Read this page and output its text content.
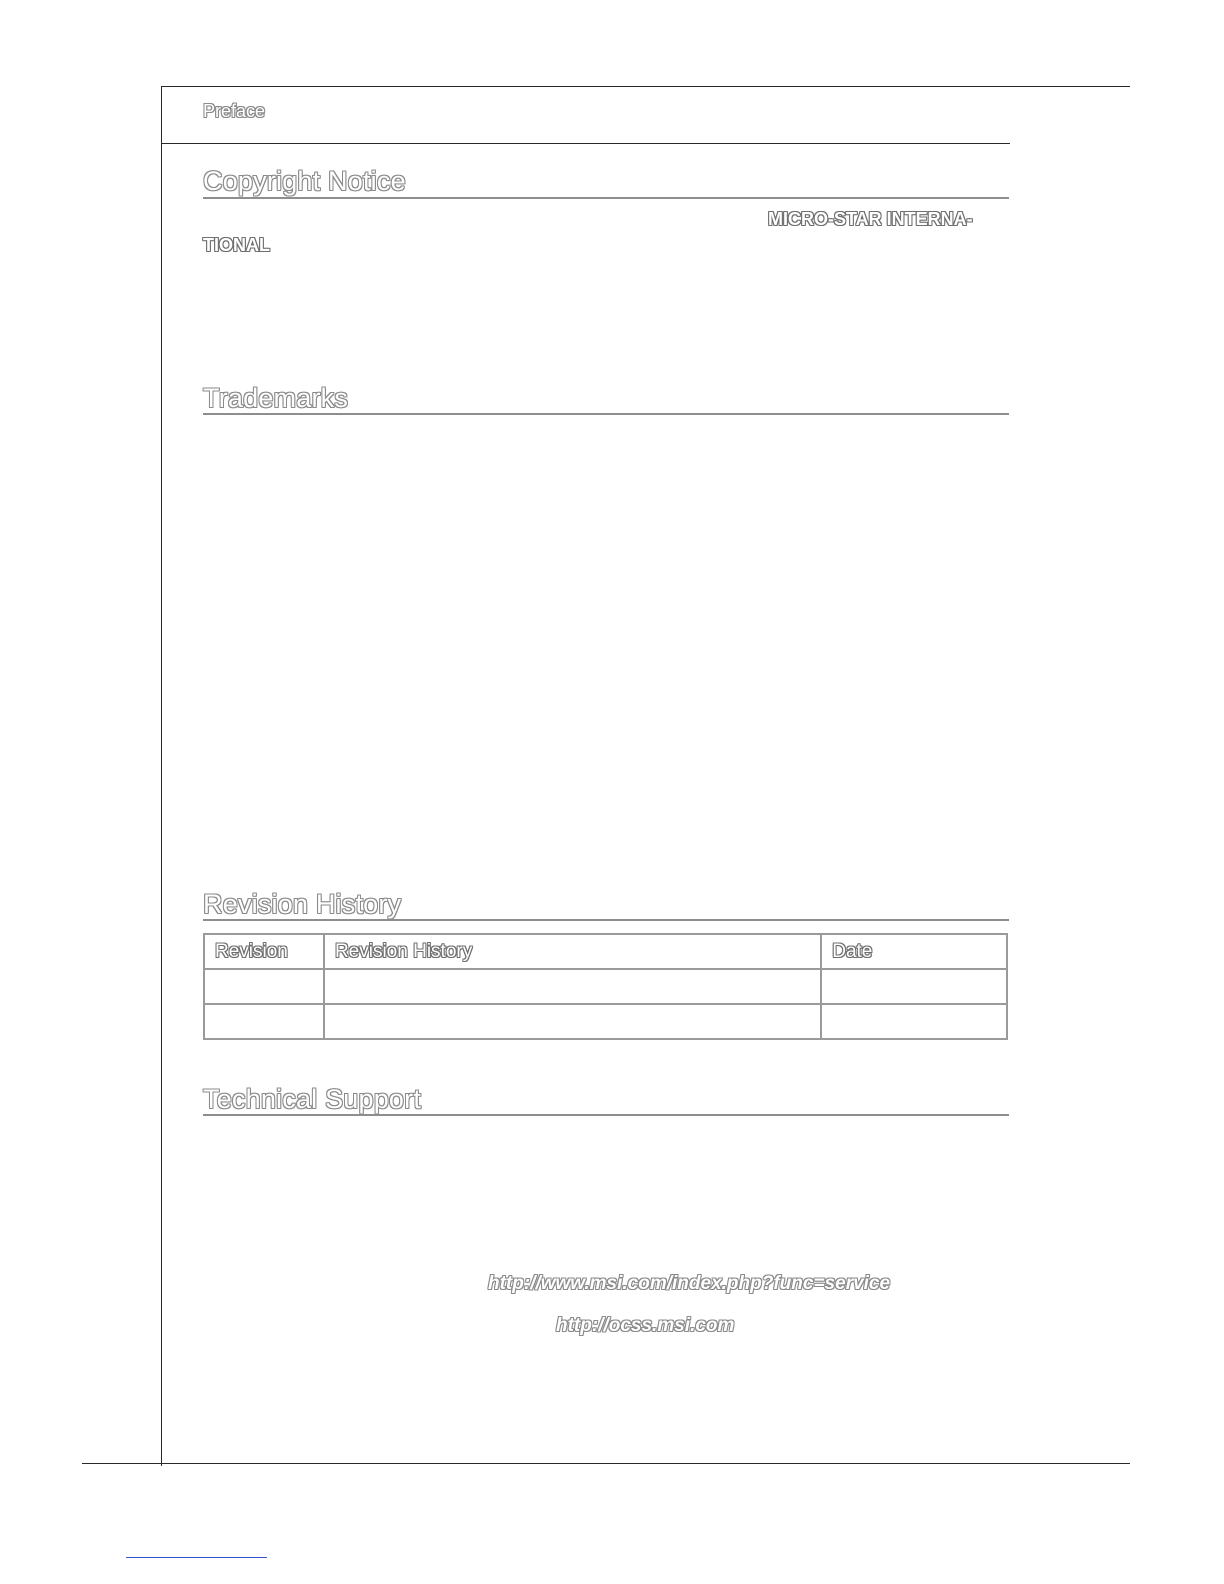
Preface
Copyright Notice
MICRO-STAR INTERNA-
TIONAL
Trademarks
Revision History
Revision	Revision History	Date

Technical Support
http://www.msi.com/index.php?func=service
http://ocss.msi.com
